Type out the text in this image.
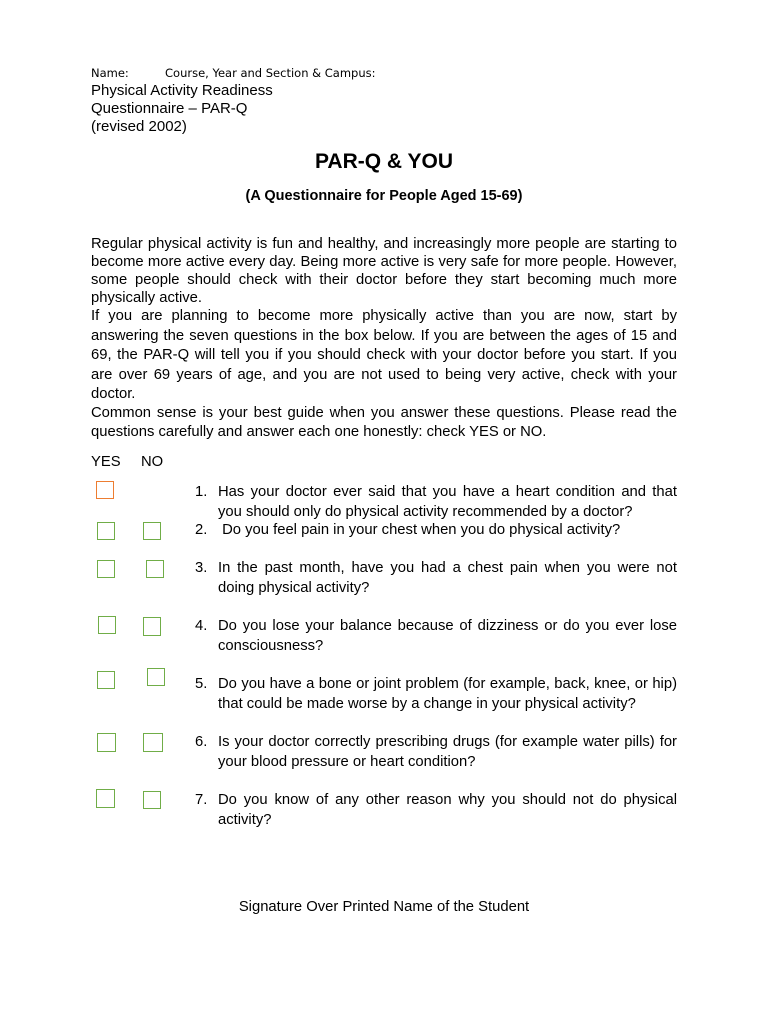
Name:	Course, Year and Section & Campus:
Physical Activity Readiness
Questionnaire – PAR-Q
(revised 2002)
PAR-Q & YOU
(A Questionnaire for People Aged 15-69)
Regular physical activity is fun and healthy, and increasingly more people are starting to become more active every day. Being more active is very safe for more people. However, some people should check with their doctor before they start becoming much more physically active.
If you are planning to become more physically active than you are now, start by answering the seven questions in the box below. If you are between the ages of 15 and 69, the PAR-Q will tell you if you should check with your doctor before you start. If you are over 69 years of age, and you are not used to being very active, check with your doctor.
Common sense is your best guide when you answer these questions. Please read the questions carefully and answer each one honestly: check YES or NO.
YES NO
1. Has your doctor ever said that you have a heart condition and that you should only do physical activity recommended by a doctor?
2. Do you feel pain in your chest when you do physical activity?
3. In the past month, have you had a chest pain when you were not doing physical activity?
4. Do you lose your balance because of dizziness or do you ever lose consciousness?
5. Do you have a bone or joint problem (for example, back, knee, or hip) that could be made worse by a change in your physical activity?
6. Is your doctor correctly prescribing drugs (for example water pills) for your blood pressure or heart condition?
7. Do you know of any other reason why you should not do physical activity?
Signature Over Printed Name of the Student
